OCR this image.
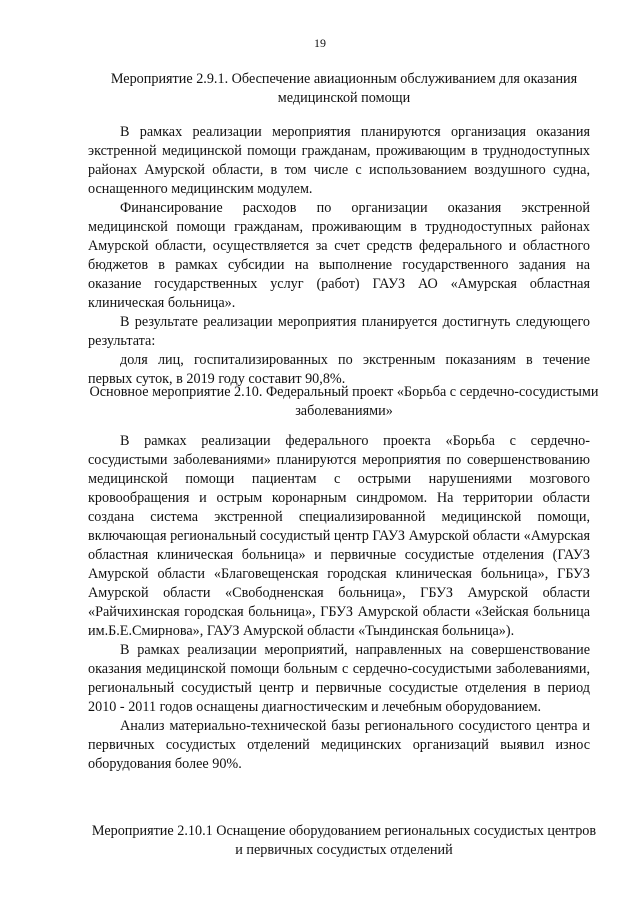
19

Мероприятие 2.9.1. Обеспечение авиационным обслуживанием для оказания медицинской помощи

В рамках реализации мероприятия планируются организация оказания экстренной медицинской помощи гражданам, проживающим в труднодоступных районах Амурской области, в том числе с использованием воздушного судна, оснащенного медицинским модулем.

Финансирование расходов по организации оказания экстренной медицинской помощи гражданам, проживающим в труднодоступных районах Амурской области, осуществляется за счет средств федерального и областного бюджетов в рамках субсидии на выполнение государственного задания на оказание государственных услуг (работ) ГАУЗ АО «Амурская областная клиническая больница».

В результате реализации мероприятия планируется достигнуть следующего результата:

доля лиц, госпитализированных по экстренным показаниям в течение первых суток, в 2019 году составит 90,8%.

Основное мероприятие 2.10. Федеральный проект «Борьба с сердечно-сосудистыми заболеваниями»

В рамках реализации федерального проекта «Борьба с сердечно-сосудистыми заболеваниями» планируются мероприятия по совершенствованию медицинской помощи пациентам с острыми нарушениями мозгового кровообращения и острым коронарным синдромом. На территории области создана система экстренной специализированной медицинской помощи, включающая региональный сосудистый центр ГАУЗ Амурской области «Амурская областная клиническая больница» и первичные сосудистые отделения (ГАУЗ Амурской области «Благовещенская городская клиническая больница», ГБУЗ Амурской области «Свободненская больница», ГБУЗ Амурской области «Райчихинская городская больница», ГБУЗ Амурской области «Зейская больница им.Б.Е.Смирнова», ГАУЗ Амурской области «Тындинская больница»).

В рамках реализации мероприятий, направленных на совершенствование оказания медицинской помощи больным с сердечно-сосудистыми заболеваниями, региональный сосудистый центр и первичные сосудистые отделения в период 2010 - 2011 годов оснащены диагностическим и лечебным оборудованием.

Анализ материально-технической базы регионального сосудистого центра и первичных сосудистых отделений медицинских организаций выявил износ оборудования более 90%.

Мероприятие 2.10.1 Оснащение оборудованием региональных сосудистых центров и первичных сосудистых отделений
